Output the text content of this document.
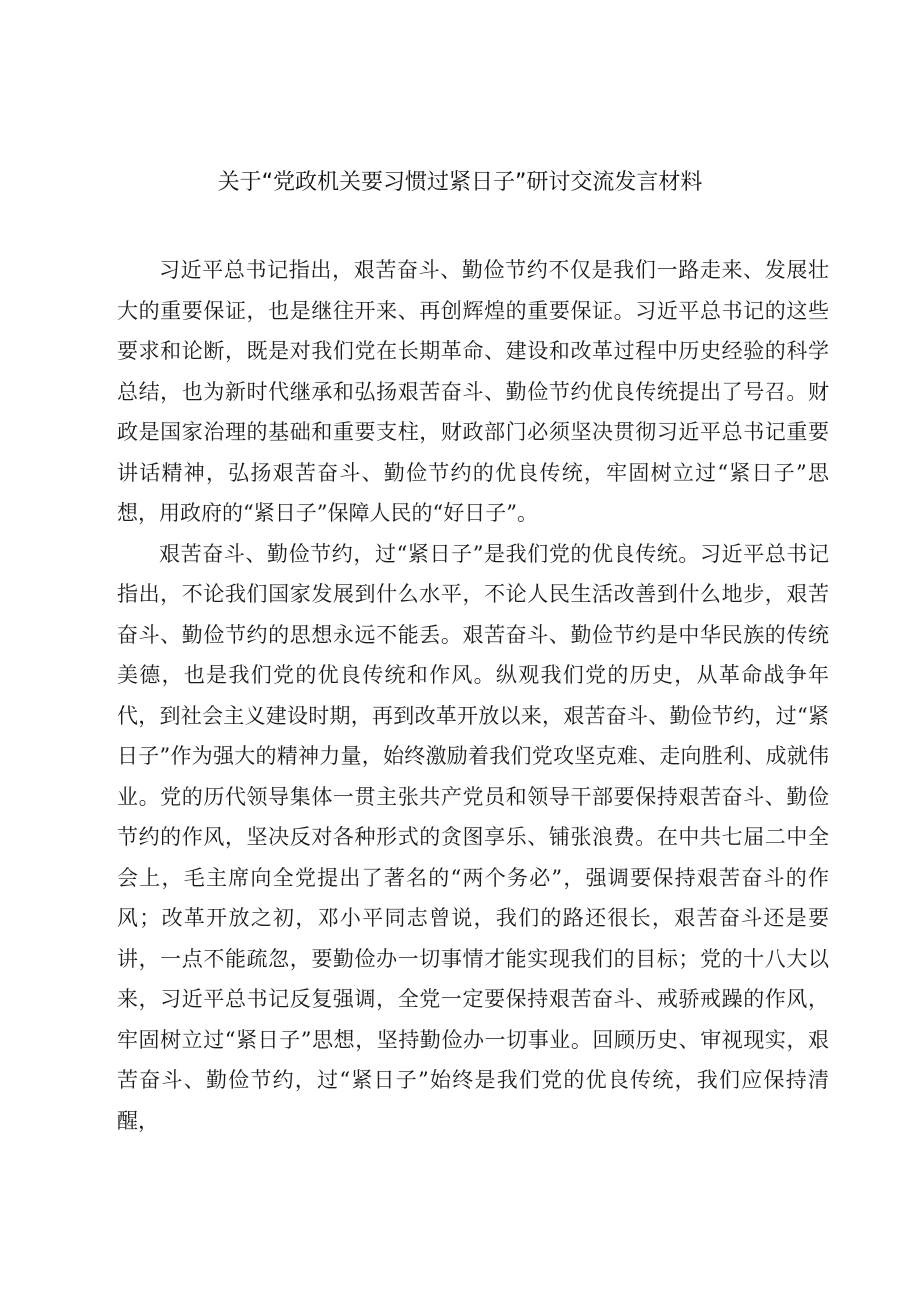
关于“党政机关要习惯过紧日子”研讨交流发言材料

习近平总书记指出，艰苦奋斗、勤俭节约不仅是我们一路走来、发展壮大的重要保证，也是继往开来、再创辉煌的重要保证。习近平总书记的这些要求和论断，既是对我们党在长期革命、建设和改革过程中历史经验的科学总结，也为新时代继承和弘扬艰苦奋斗、勤俭节约优良传统提出了号召。财政是国家治理的基础和重要支柱，财政部门必须坚决贯彻习近平总书记重要讲话精神，弘扬艰苦奋斗、勤俭节约的优良传统，牢固树立过“紧日子”思想，用政府的“紧日子”保障人民的“好日子”。

艰苦奋斗、勤俭节约，过“紧日子”是我们党的优良传统。习近平总书记指出，不论我们国家发展到什么水平，不论人民生活改善到什么地步，艰苦奋斗、勤俭节约的思想永远不能丢。艰苦奋斗、勤俭节约是中华民族的传统美德，也是我们党的优良传统和作风。纵观我们党的历史，从革命战争年代，到社会主义建设时期，再到改革开放以来，艰苦奋斗、勤俭节约，过“紧日子”作为强大的精神力量，始终激励着我们党攻坚克难、走向胜利、成就伟业。党的历代领导集体一贯主张共产党员和领导干部要保持艰苦奋斗、勤俭节约的作风，坚决反对各种形式的贪图享乐、铺张浪费。在中共七届二中全会上，毛主席向全党提出了著名的“两个务必”，强调要保持艰苦奋斗的作风；改革开放之初，邓小平同志曾说，我们的路还很长，艰苦奋斗还是要讲，一点不能疏忽，要勤俭办一切事情才能实现我们的目标；党的十八大以来，习近平总书记反复强调，全党一定要保持艰苦奋斗、戒骄戒躁的作风，牢固树立过“紧日子”思想，坚持勤俭办一切事业。回顾历史、审视现实，艰苦奋斗、勤俭节约，过“紧日子”始终是我们党的优良传统，我们应保持清醒，
